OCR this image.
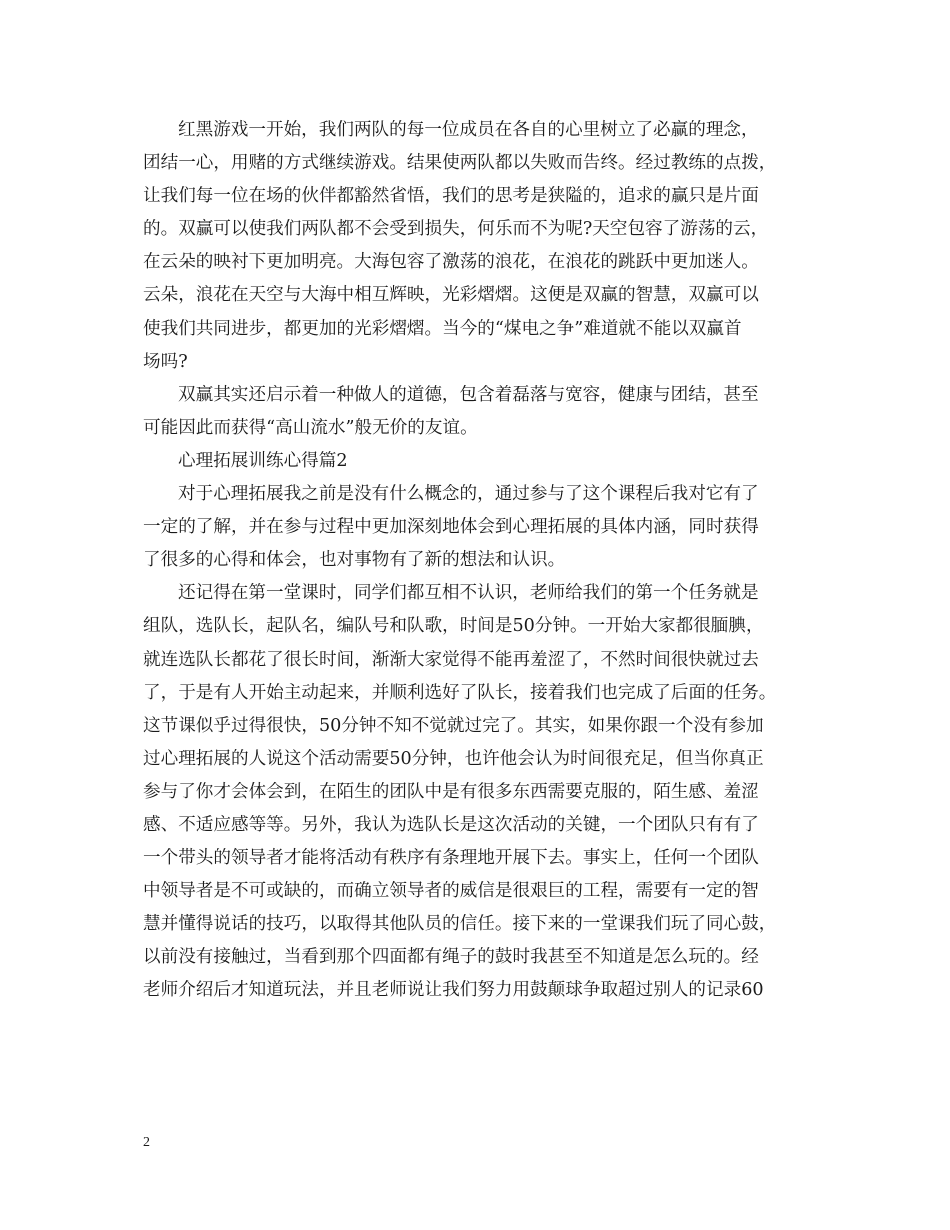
红黑游戏一开始，我们两队的每一位成员在各自的心里树立了必赢的理念，
团结一心，用赌的方式继续游戏。结果使两队都以失败而告终。经过教练的点拨，
让我们每一位在场的伙伴都豁然省悟，我们的思考是狭隘的，追求的赢只是片面
的。双赢可以使我们两队都不会受到损失，何乐而不为呢?天空包容了游荡的云，
在云朵的映衬下更加明亮。大海包容了激荡的浪花，在浪花的跳跃中更加迷人。
云朵，浪花在天空与大海中相互辉映，光彩熠熠。这便是双赢的智慧，双赢可以
使我们共同进步，都更加的光彩熠熠。当今的“煤电之争”难道就不能以双赢首
场吗?
双赢其实还启示着一种做人的道德，包含着磊落与宽容，健康与团结，甚至
可能因此而获得“高山流水”般无价的友谊。
心理拓展训练心得篇2
对于心理拓展我之前是没有什么概念的，通过参与了这个课程后我对它有了
一定的了解，并在参与过程中更加深刻地体会到心理拓展的具体内涵，同时获得
了很多的心得和体会，也对事物有了新的想法和认识。
还记得在第一堂课时，同学们都互相不认识，老师给我们的第一个任务就是
组队，选队长，起队名，编队号和队歌，时间是50分钟。一开始大家都很腼腆，
就连选队长都花了很长时间，渐渐大家觉得不能再羞涩了，不然时间很快就过去
了，于是有人开始主动起来，并顺利选好了队长，接着我们也完成了后面的任务。
这节课似乎过得很快，50分钟不知不觉就过完了。其实，如果你跟一个没有参加
过心理拓展的人说这个活动需要50分钟，也许他会认为时间很充足，但当你真正
参与了你才会体会到，在陌生的团队中是有很多东西需要克服的，陌生感、羞涩
感、不适应感等等。另外，我认为选队长是这次活动的关键，一个团队只有有了
一个带头的领导者才能将活动有秩序有条理地开展下去。事实上，任何一个团队
中领导者是不可或缺的，而确立领导者的威信是很艰巨的工程，需要有一定的智
慧并懂得说话的技巧，以取得其他队员的信任。接下来的一堂课我们玩了同心鼓，
以前没有接触过，当看到那个四面都有绳子的鼓时我甚至不知道是怎么玩的。经
老师介绍后才知道玩法，并且老师说让我们努力用鼓颠球争取超过别人的记录60
2
